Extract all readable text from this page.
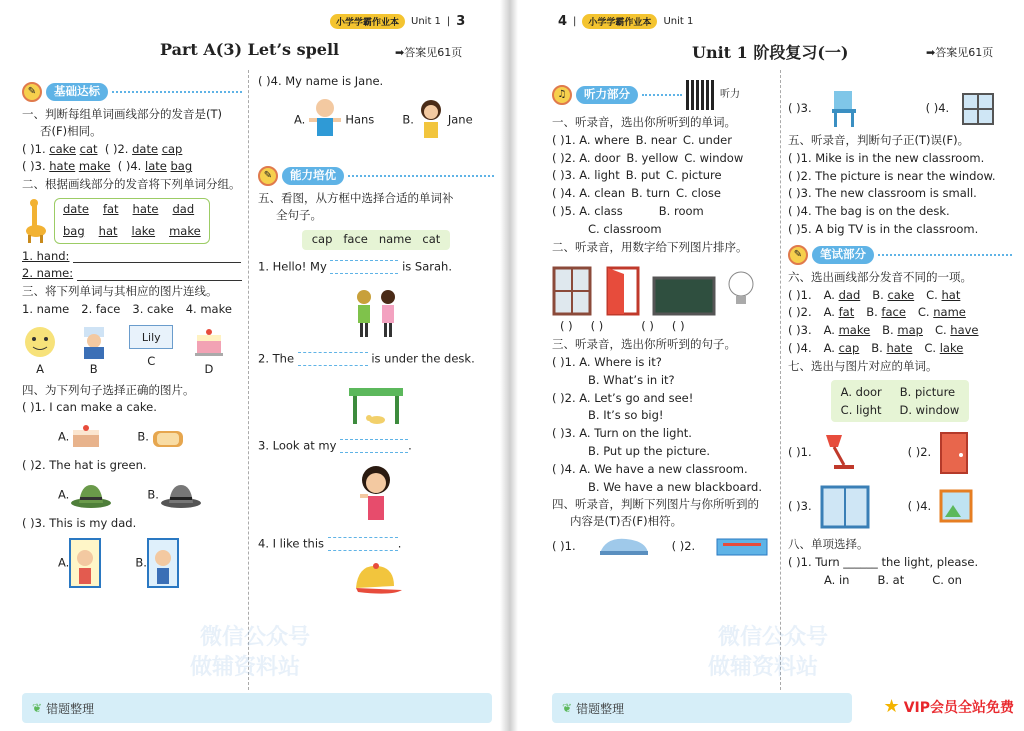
小学学霸作业本	Unit 1 | 3
Part A(3) Let’s spell	➡答案见61页
✎	基础达标
一、判断每组单词画线部分的发音是(T)
否(F)相同。
( )1. cake cat ( )2. date cap
( )3. hate make ( )4. late bag
二、根据画线部分的发音将下列单词分组。
date fat hate dad
bag hat lake make
1. hand:
2. name:
三、将下列单词与其相应的图片连线。
1. name 2. face 3. cake 4. make
A	B
Lily
C
D
四、为下列句子选择正确的图片。
( )1. I can make a cake.
A.	B.
( )2. The hat is green.
A.	B.
( )3. This is my dad.
A.	B.
( )4. My name is Jane.
A.	Hans B.	Jane
✎	能力培优
五、看图，从方框中选择合适的单词补
全句子。
cap face name cat
1. Hello! My	is Sarah.
2. The	is under the desk.
3. Look at my	.
4. I like this	.
微信公众号
做辅资料站
❦ 错题整理
4 |	小学学霸作业本	Unit 1
Unit 1 阶段复习(一)	➡答案见61页
♫	听力部分	听力
一、听录音，选出你所听到的单词。
( )1. A. where B. near C. under
( )2. A. door B. yellow C. window
( )3. A. light B. put C. picture
( )4. A. clean B. turn C. close
( )5. A. class	B. room
C. classroom
二、听录音，用数字给下列图片排序。
( ) ( )	( ) ( )
三、听录音，选出你所听到的句子。
( )1. A. Where is it?
B. What’s in it?
( )2. A. Let’s go and see!
B. It’s so big!
( )3. A. Turn on the light.
B. Put up the picture.
( )4. A. We have a new classroom.
B. We have a new blackboard.
四、听录音，判断下列图片与你所听到的
内容是(T)否(F)相符。
( )1.	( )2.
( )3.	( )4.
五、听录音，判断句子正(T)误(F)。
( )1. Mike is in the new classroom.
( )2. The picture is near the window.
( )3. The new classroom is small.
( )4. The bag is on the desk.
( )5. A big TV is in the classroom.
✎	笔试部分
六、选出画线部分发音不同的一项。
( )1. A. dad B. cake C. hat
( )2. A. fat B. face C. name
( )3. A. make B. map C. have
( )4. A. cap B. hate C. lake
七、选出与图片对应的单词。
A. door B. picture
C. light D. window
( )1.	( )2.
( )3.	( )4.
八、单项选择。
( )1. Turn ______ the light, please.
A. in B. at C. on
微信公众号
做辅资料站
❦ 错题整理	★ VIP会员全站免费
